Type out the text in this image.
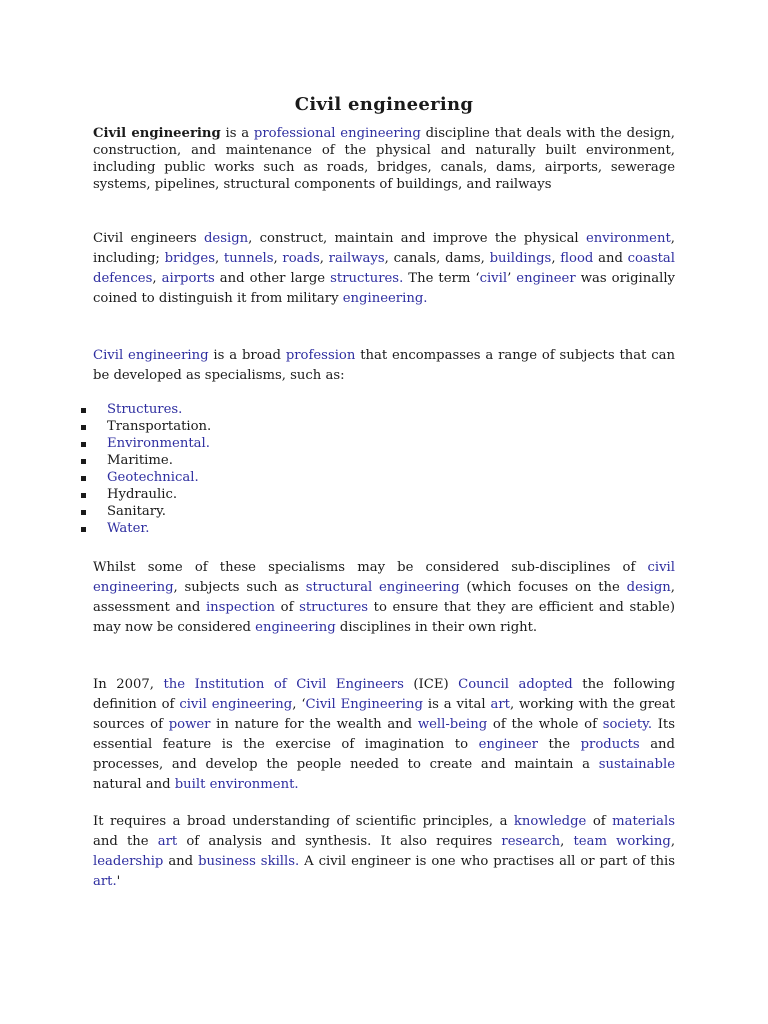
Civil engineering

Civil engineering is a professional engineering discipline that deals with the design, construction, and maintenance of the physical and naturally built environment, including public works such as roads, bridges, canals, dams, airports, sewerage systems, pipelines, structural components of buildings, and railways

Civil engineers design, construct, maintain and improve the physical environment, including; bridges, tunnels, roads, railways, canals, dams, buildings, flood and coastal defences, airports and other large structures. The term ‘civil’ engineer was originally coined to distinguish it from military engineering.

Civil engineering is a broad profession that encompasses a range of subjects that can be developed as specialisms, such as:

Structures.
Transportation.
Environmental.
Maritime.
Geotechnical.
Hydraulic.
Sanitary.
Water.

Whilst some of these specialisms may be considered sub-disciplines of civil engineering, subjects such as structural engineering (which focuses on the design, assessment and inspection of structures to ensure that they are efficient and stable) may now be considered engineering disciplines in their own right.

In 2007, the Institution of Civil Engineers (ICE) Council adopted the following definition of civil engineering, ‘Civil Engineering is a vital art, working with the great sources of power in nature for the wealth and well-being of the whole of society. Its essential feature is the exercise of imagination to engineer the products and processes, and develop the people needed to create and maintain a sustainable natural and built environment.

It requires a broad understanding of scientific principles, a knowledge of materials and the art of analysis and synthesis. It also requires research, team working, leadership and business skills. A civil engineer is one who practises all or part of this art.'
